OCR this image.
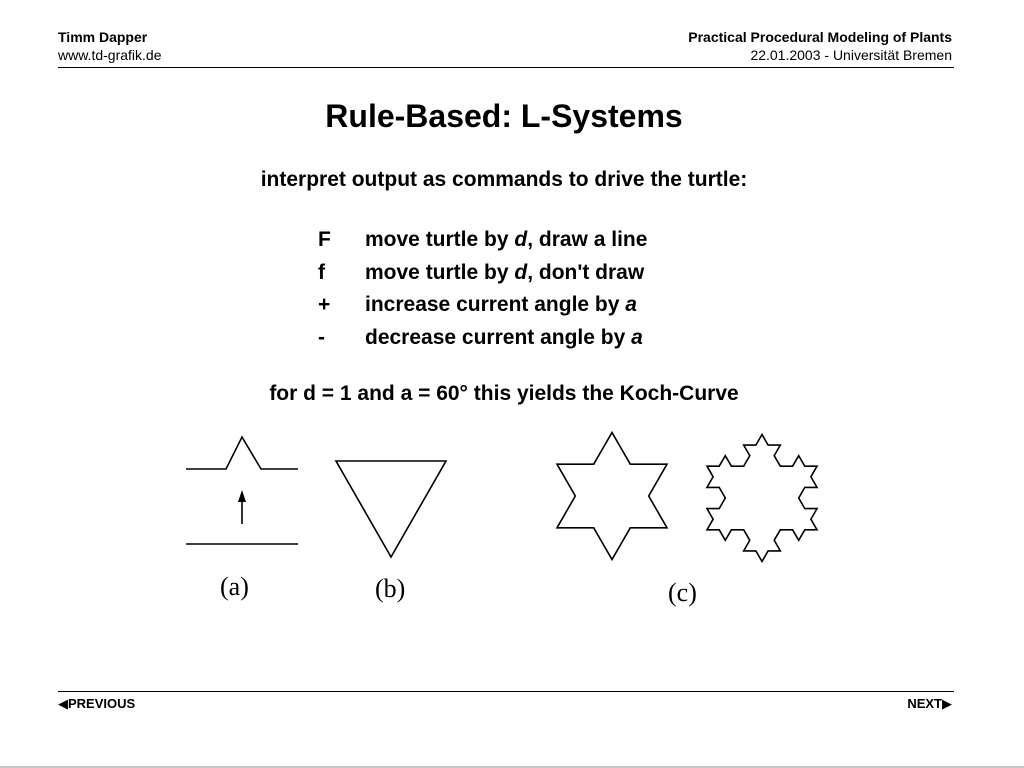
Timm Dapper
www.td-grafik.de
Practical Procedural Modeling of Plants
22.01.2003 - Universität Bremen
Rule-Based: L-Systems
interpret output as commands to drive the turtle:
F move turtle by d, draw a line
f move turtle by d, don't draw
+ increase current angle by a
- decrease current angle by a
for d = 1 and a = 60° this yields the Koch-Curve
(a)	(b)	(c)
◀PREVIOUS	NEXT▶
